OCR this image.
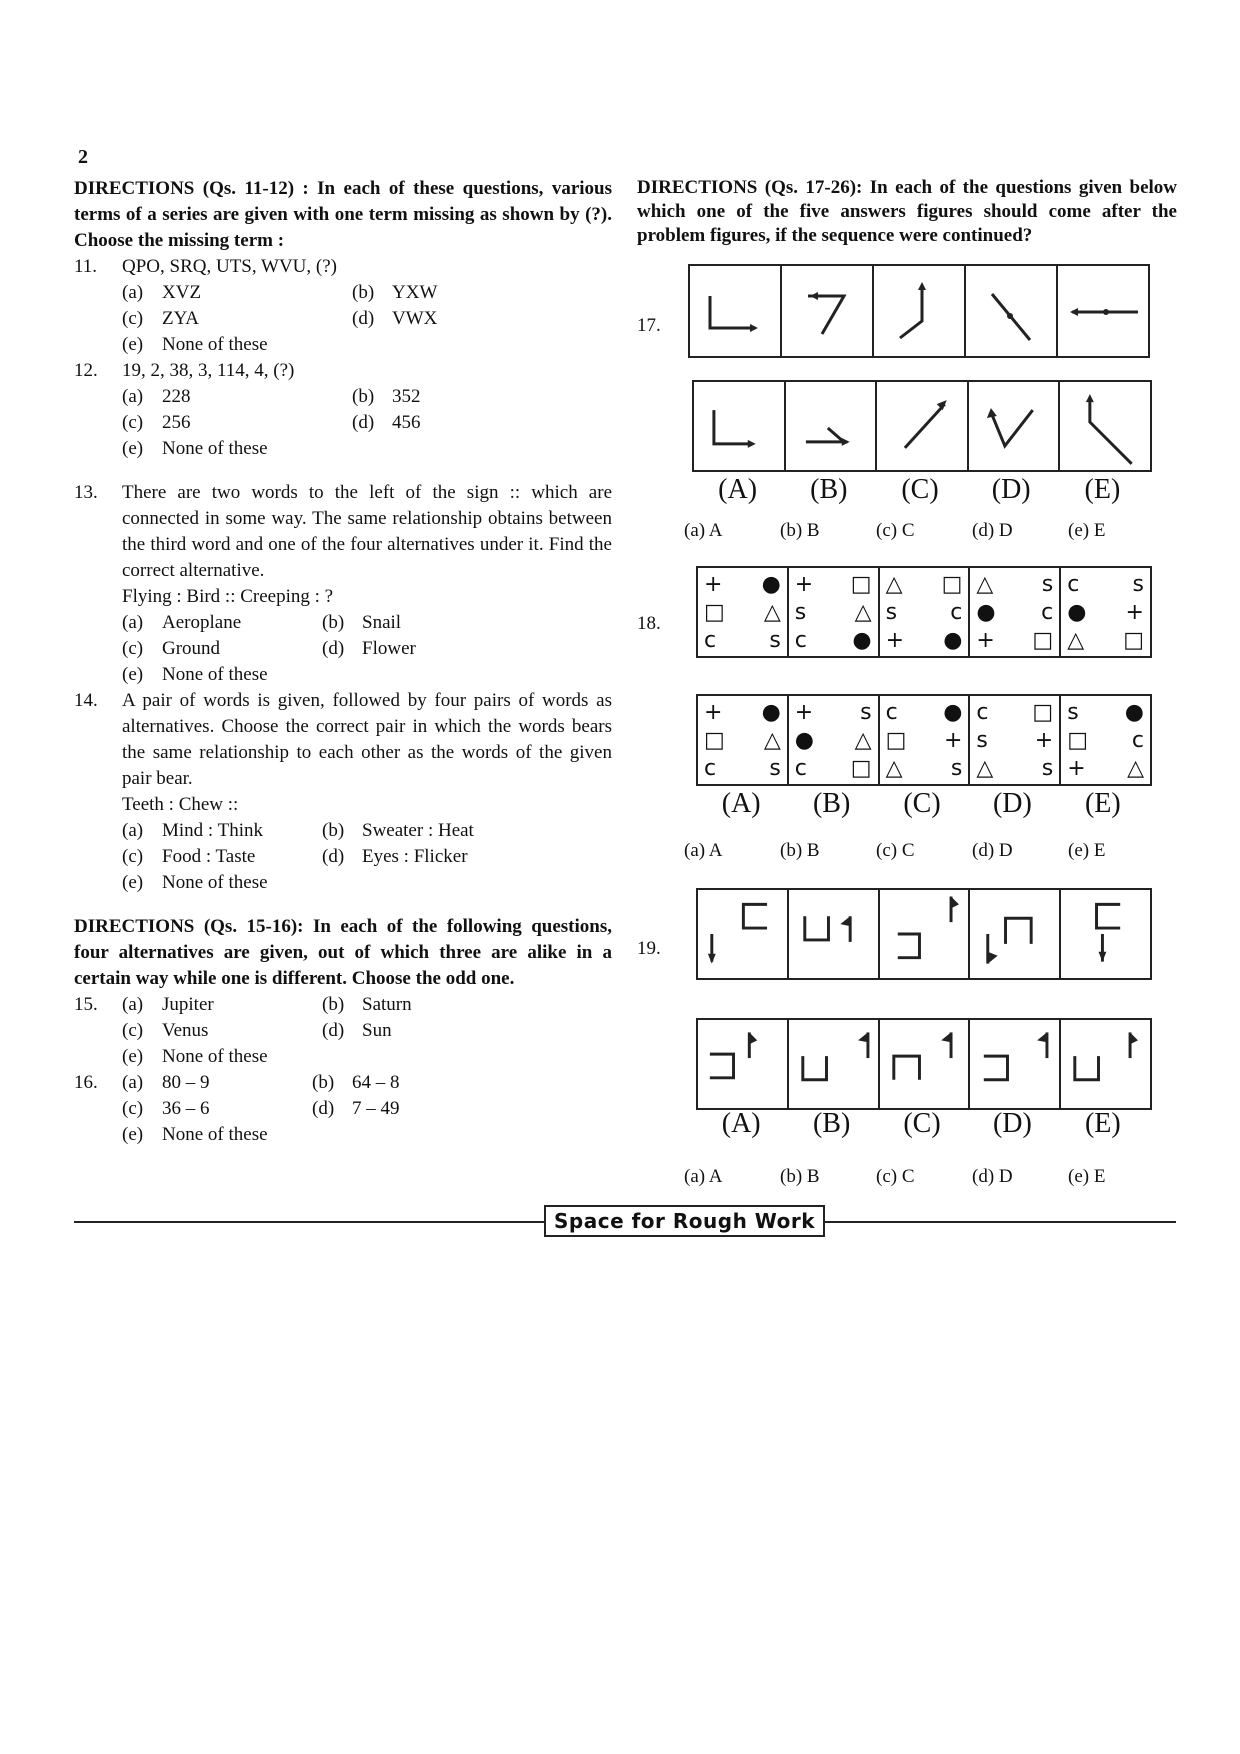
2
DIRECTIONS (Qs. 11-12) : In each of these questions, various terms of a series are given with one term missing as shown by (?). Choose the missing term :
11. QPO, SRQ, UTS, WVU, (?)
(a) XVZ	(b) YXW
(c) ZYA	(d) VWX
(e) None of these
12. 19, 2, 38, 3, 114, 4, (?)
(a) 228	(b) 352
(c) 256	(d) 456
(e) None of these
13. There are two words to the left of the sign :: which are connected in some way. The same relationship obtains between the third word and one of the four alternatives under it. Find the correct alternative.
Flying : Bird :: Creeping : ?
(a) Aeroplane	(b) Snail
(c) Ground	(d) Flower
(e) None of these
14. A pair of words is given, followed by four pairs of words as alternatives. Choose the correct pair in which the words bears the same relationship to each other as the words of the given pair bear.
Teeth : Chew ::
(a) Mind : Think	(b) Sweater : Heat
(c) Food : Taste	(d) Eyes : Flicker
(e) None of these
DIRECTIONS (Qs. 15-16): In each of the following questions, four alternatives are given, out of which three are alike in a certain way while one is different. Choose the odd one.
15. (a) Jupiter	(b) Saturn
(c) Venus	(d) Sun
(e) None of these
16. (a) 80 – 9	(b) 64 – 8
(c) 36 – 6	(d) 7 – 49
(e) None of these
DIRECTIONS (Qs. 17-26): In each of the questions given below which one of the five answers figures should come after the problem figures, if the sequence were continued?
17.
(A)	(B)	(C)	(D)	(E)
(a) A	(b) B	(c) C	(d) D	(e) E
18.
+	●
□	△
c	s
+	□
s	△
c	●
△	□
s	c
+	●
△	s
●	c
+	□
c	s
●	+
△	□
+	●
□	△
c	s
+	s
●	△
c	□
c	●
□	+
△	s
c	□
s	+
△	s
s	●
□	c
+	△
(A)	(B)	(C)	(D)	(E)
(a) A	(b) B	(c) C	(d) D	(e) E
19.
(A)	(B)	(C)	(D)	(E)
(a) A	(b) B	(c) C	(d) D	(e) E
Space for Rough Work
